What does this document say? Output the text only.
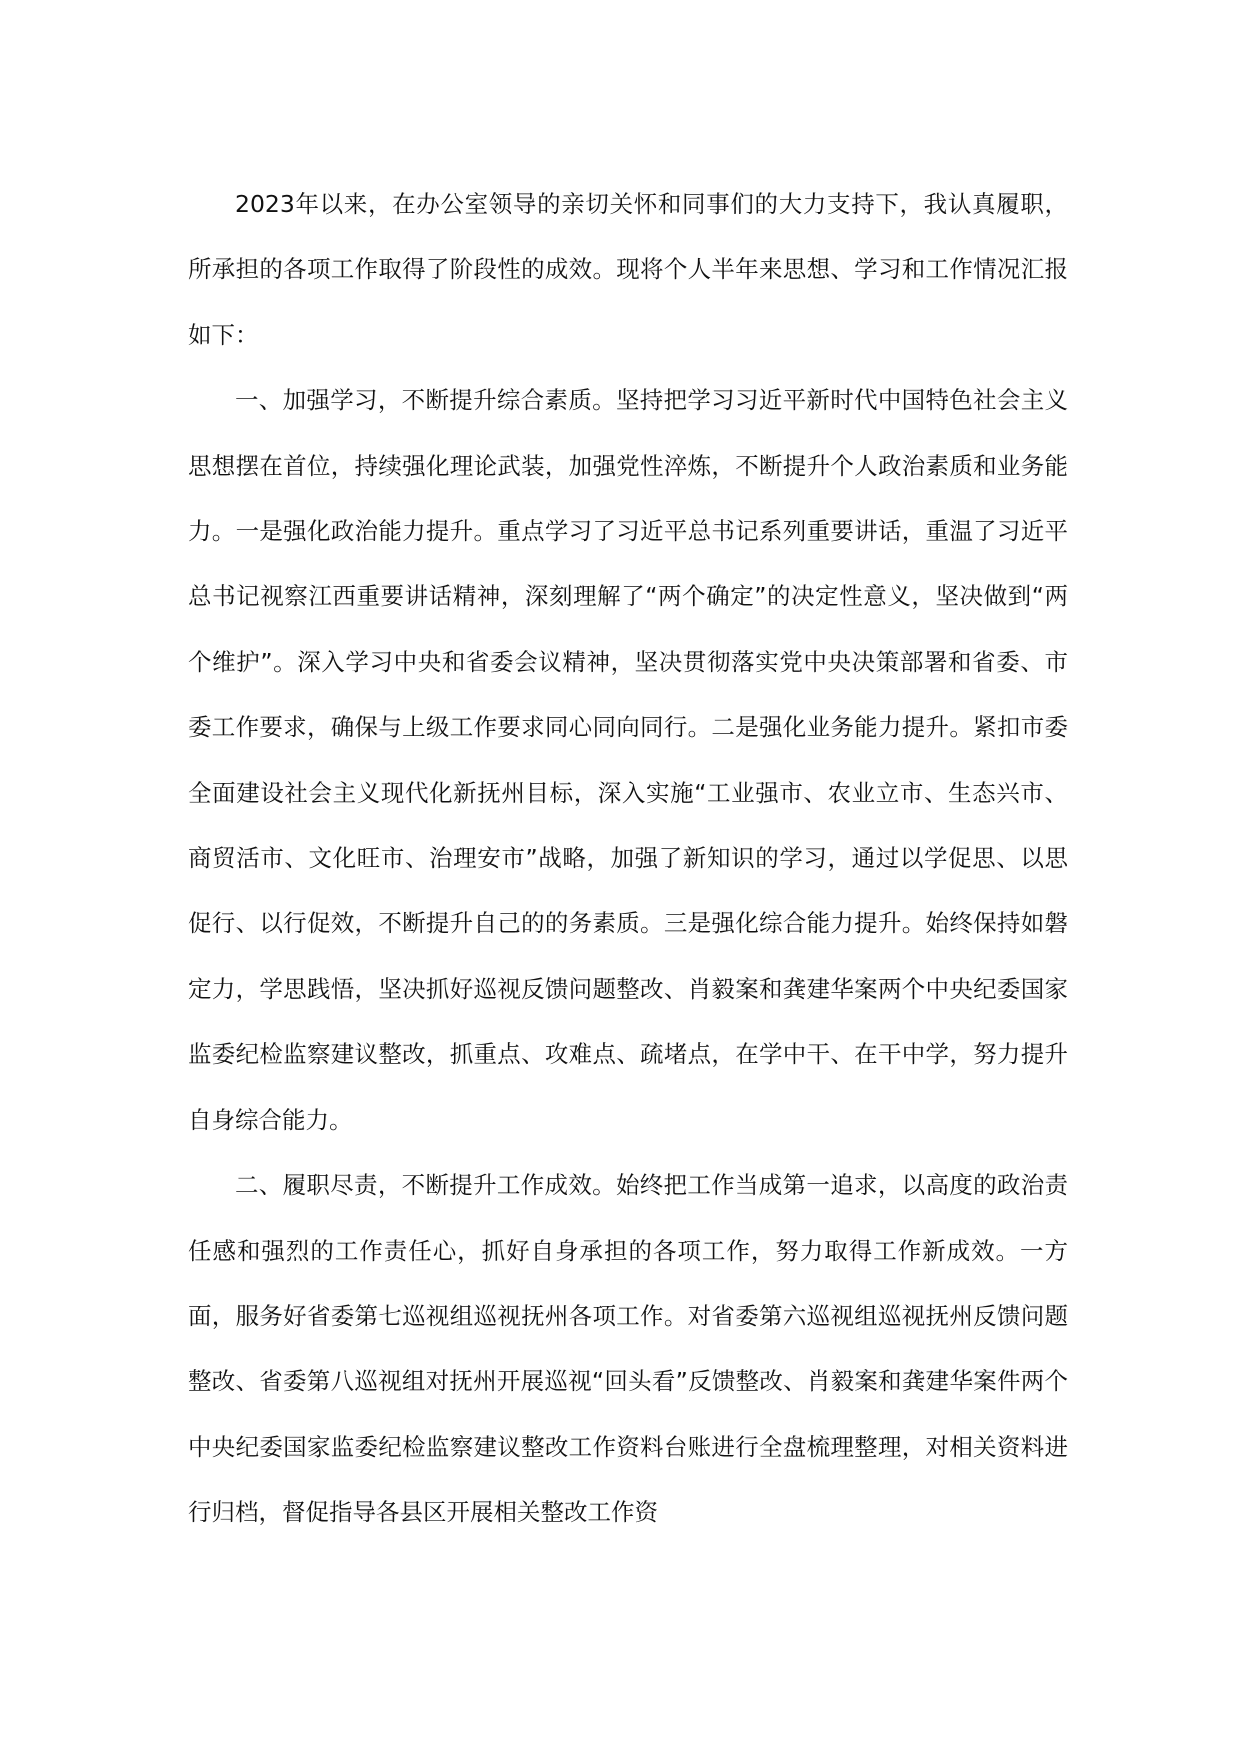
2023年以来，在办公室领导的亲切关怀和同事们的大力支持下，我认真履职，所承担的各项工作取得了阶段性的成效。现将个人半年来思想、学习和工作情况汇报如下：

一、加强学习，不断提升综合素质。坚持把学习习近平新时代中国特色社会主义思想摆在首位，持续强化理论武装，加强党性淬炼，不断提升个人政治素质和业务能力。一是强化政治能力提升。重点学习了习近平总书记系列重要讲话，重温了习近平总书记视察江西重要讲话精神，深刻理解了“两个确定”的决定性意义，坚决做到“两个维护”。深入学习中央和省委会议精神，坚决贯彻落实党中央决策部署和省委、市委工作要求，确保与上级工作要求同心同向同行。二是强化业务能力提升。紧扣市委全面建设社会主义现代化新抚州目标，深入实施“工业强市、农业立市、生态兴市、商贸活市、文化旺市、治理安市”战略，加强了新知识的学习，通过以学促思、以思促行、以行促效，不断提升自己的的务素质。三是强化综合能力提升。始终保持如磐定力，学思践悟，坚决抓好巡视反馈问题整改、肖毅案和龚建华案两个中央纪委国家监委纪检监察建议整改，抓重点、攻难点、疏堵点，在学中干、在干中学，努力提升自身综合能力。

二、履职尽责，不断提升工作成效。始终把工作当成第一追求，以高度的政治责任感和强烈的工作责任心，抓好自身承担的各项工作，努力取得工作新成效。一方面，服务好省委第七巡视组巡视抚州各项工作。对省委第六巡视组巡视抚州反馈问题整改、省委第八巡视组对抚州开展巡视“回头看”反馈整改、肖毅案和龚建华案件两个中央纪委国家监委纪检监察建议整改工作资料台账进行全盘梳理整理，对相关资料进行归档，督促指导各县区开展相关整改工作资
